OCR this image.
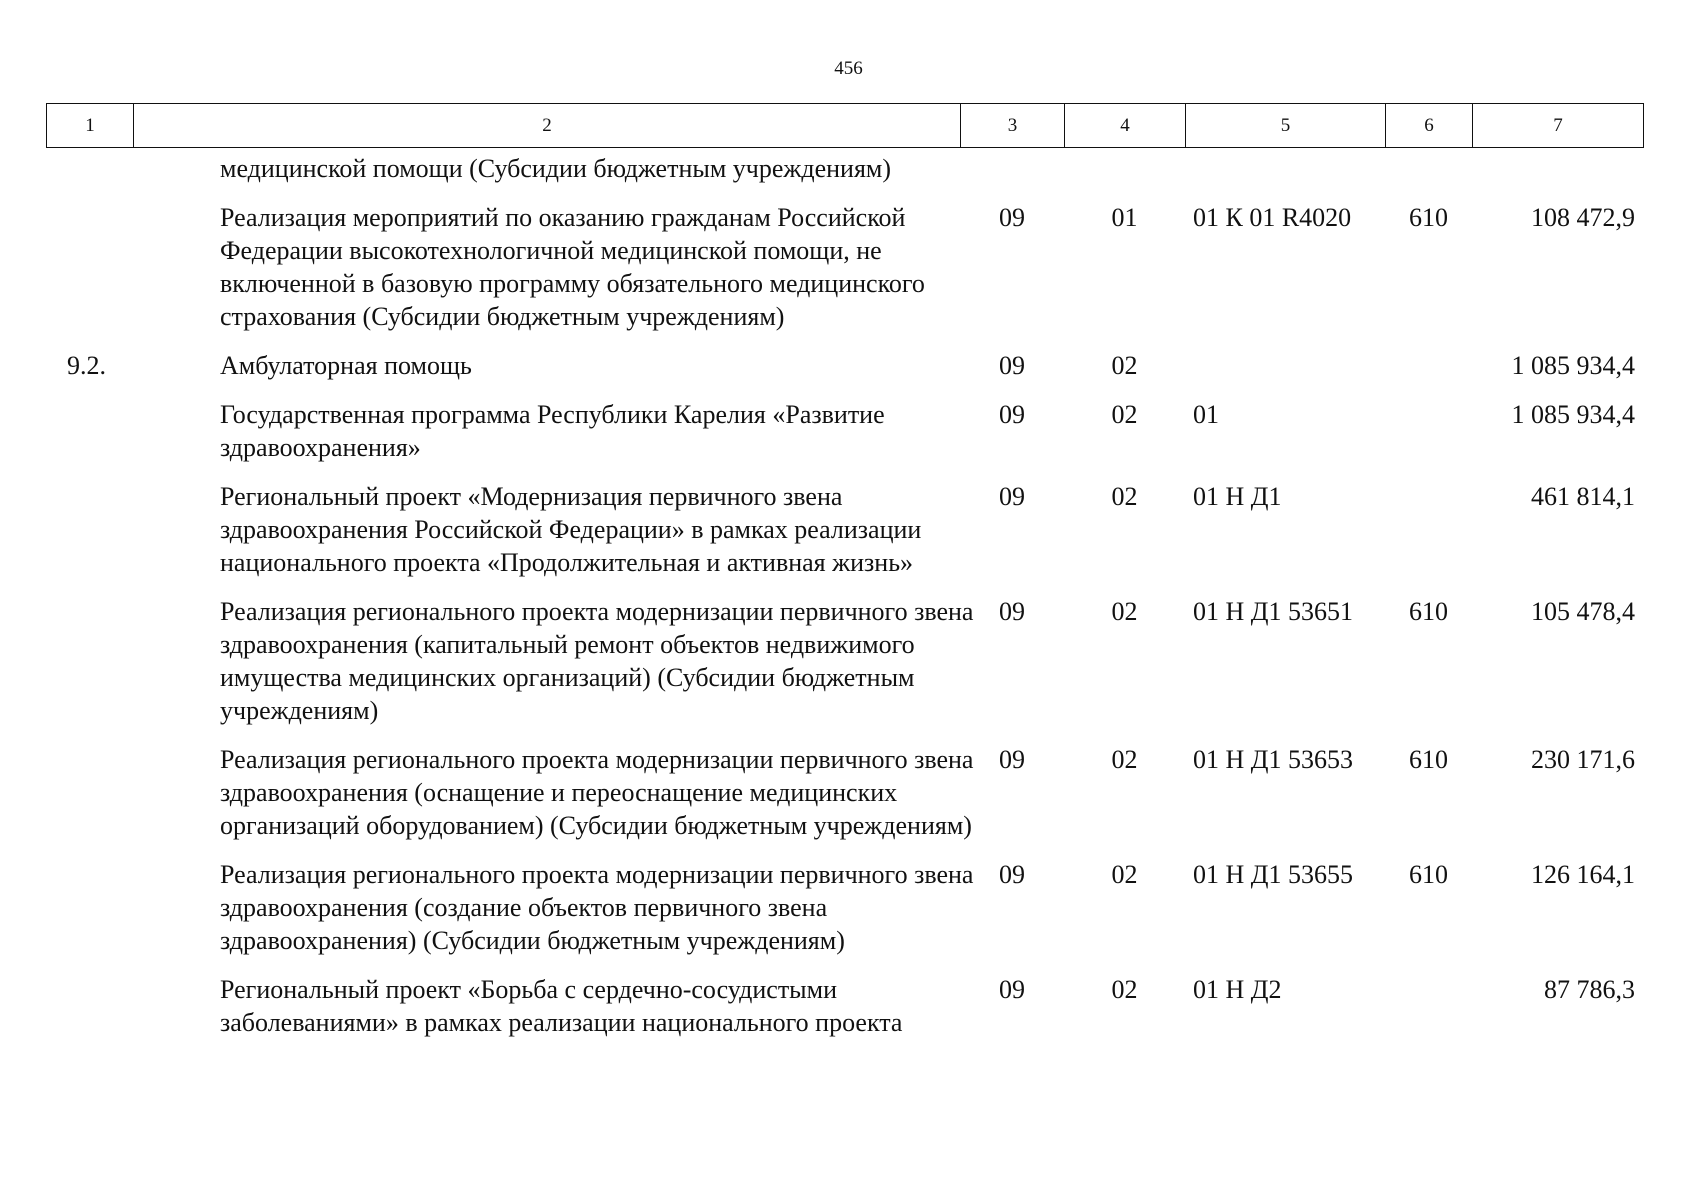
456
1	2	3	4	5	6	7

	медицинской помощи (Субсидии бюджетным учреждениям)					

	Реализация мероприятий по оказанию гражданам Российской Федерации высокотехнологичной медицинской помощи, не включенной в базовую программу обязательного медицинского страхования (Субсидии бюджетным учреждениям)	09	01	01 К 01 R4020	610	108 472,9
9.2.	Амбулаторная помощь	09	02			1 085 934,4

	Государственная программа Республики Карелия «Развитие здравоохранения»	09	02	01		1 085 934,4

	Региональный проект «Модернизация первичного звена здравоохранения Российской Федерации» в рамках реализации национального проекта «Продолжительная и активная жизнь»	09	02	01 Н Д1		461 814,1

	Реализация регионального проекта модернизации первичного звена здравоохранения (капитальный ремонт объектов недвижимого имущества медицинских организаций) (Субсидии бюджетным учреждениям)	09	02	01 Н Д1 53651	610	105 478,4

	Реализация регионального проекта модернизации первичного звена здравоохранения (оснащение и переоснащение медицинских организаций оборудованием) (Субсидии бюджетным учреждениям)	09	02	01 Н Д1 53653	610	230 171,6

	Реализация регионального проекта модернизации первичного звена здравоохранения (создание объектов первичного звена здравоохранения) (Субсидии бюджетным учреждениям)	09	02	01 Н Д1 53655	610	126 164,1

	Региональный проект «Борьба с сердечно-сосудистыми заболеваниями» в рамках реализации национального проекта	09	02	01 Н Д2		87 786,3
